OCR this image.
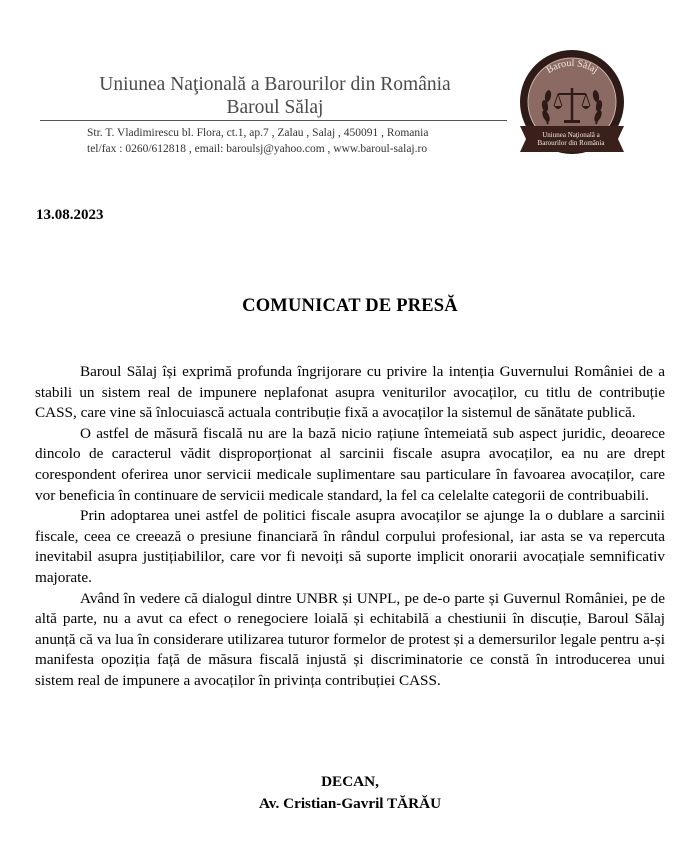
Uniunea Naţională a Barourilor din România
Baroul Sălaj
Str. T. Vladimirescu bl. Flora, ct.1, ap.7 , Zalau , Salaj , 450091 , Romania
tel/fax : 0260/612818 , email: baroulsj@yahoo.com , www.baroul-salaj.ro
Baroul Sălaj
Uniunea Naţională a
Barourilor din România
13.08.2023
COMUNICAT DE PRESĂ

Baroul Sălaj își exprimă profunda îngrijorare cu privire la intenția Guvernului României de a stabili un sistem real de impunere neplafonat asupra veniturilor avocaților, cu titlu de contribuție CASS, care vine să înlocuiască actuala contribuție fixă a avocaților la sistemul de sănătate publică.

O astfel de măsură fiscală nu are la bază nicio rațiune întemeiată sub aspect juridic, deoarece dincolo de caracterul vădit disproporționat al sarcinii fiscale asupra avocaților, ea nu are drept corespondent oferirea unor servicii medicale suplimentare sau particulare în favoarea avocaților, care vor beneficia în continuare de servicii medicale standard, la fel ca celelalte categorii de contribuabili.

Prin adoptarea unei astfel de politici fiscale asupra avocaților se ajunge la o dublare a sarcinii fiscale, ceea ce creează o presiune financiară în rândul corpului profesional, iar asta se va repercuta inevitabil asupra justițiabililor, care vor fi nevoiți să suporte implicit onorarii avocațiale semnificativ majorate.

Având în vedere că dialogul dintre UNBR și UNPL, pe de-o parte și Guvernul României, pe de altă parte, nu a avut ca efect o renegociere loială și echitabilă a chestiunii în discuție, Baroul Sălaj anunță că va lua în considerare utilizarea tuturor formelor de protest și a demersurilor legale pentru a-și manifesta opoziția față de măsura fiscală injustă și discriminatorie ce constă în introducerea unui sistem real de impunere a avocaților în privința contribuției CASS.

DECAN,
Av. Cristian-Gavril TĂRĂU
